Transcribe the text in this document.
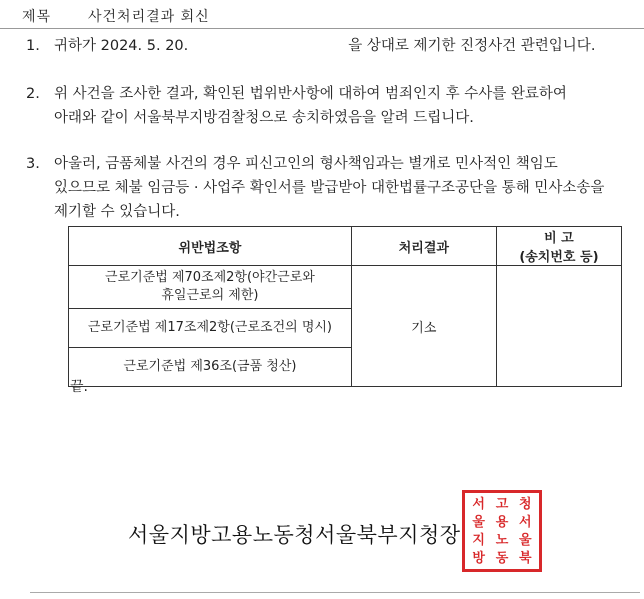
제목	사건처리결과 회신
1. 귀하가 2024. 5. 20.	을 상대로 제기한 진정사건 관련입니다.
2. 위 사건을 조사한 결과, 확인된 법위반사항에 대하여 범죄인지 후 수사를 완료하여
아래와 같이 서울북부지방검찰청으로 송치하였음을 알려 드립니다.
3. 아울러, 금품체불 사건의 경우 피신고인의 형사책임과는 별개로 민사적인 책임도
있으므로 체불 임금등 · 사업주 확인서를 발급받아 대한법률구조공단을 통해 민사소송을
제기할 수 있습니다.
위반법조항	처리결과	비 고
(송치번호 등)

근로기준법 제70조제2항(야간근로와
휴일근로의 제한)	기소	
근로기준법 제17조제2항(근로조건의 명시)		
근로기준법 제36조(금품 청산)		
끝.
서울지방고용노동청서울북부지청장
서 고 청
울 용 서
지 노 울
방 동 북
